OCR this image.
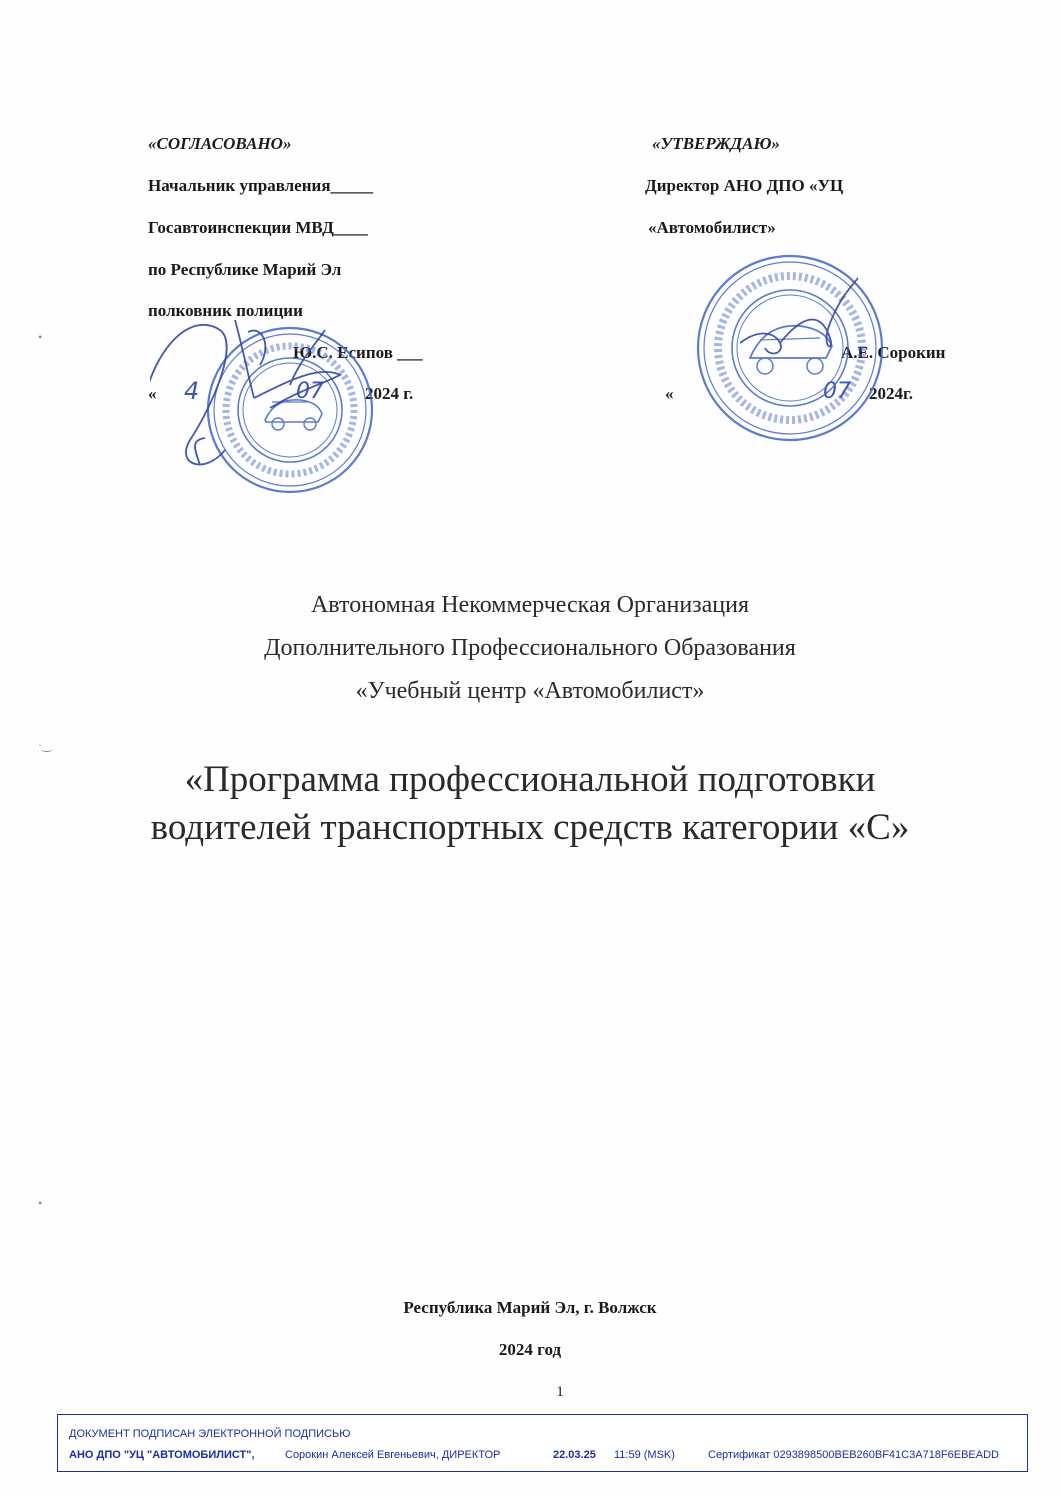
«СОГЛАСОВАНО»
Начальник управления_____
Госавтоинспекции МВД____
по Республике Марий Эл
полковник полиции
Ю.С. Есипов ___
« 4	07 2024 г.
«УТВЕРЖДАЮ»
Директор АНО ДПО «УЦ
«Автомобилист»
А.Е. Сорокин
«	07 2024г.
•
·‿
•
Автономная Некоммерческая Организация
Дополнительного Профессионального Образования
«Учебный центр «Автомобилист»
«Программа профессиональной подготовки
водителей транспортных средств категории «С»
Республика Марий Эл, г. Волжск
2024 год
1
ДОКУМЕНТ ПОДПИСАН ЭЛЕКТРОННОЙ ПОДПИСЬЮ
АНО ДПО "УЦ "АВТОМОБИЛИСТ",	Сорокин Алексей Евгеньевич, ДИРЕКТОР	22.03.25 11:59 (MSK)	Сертификат 0293898500BEB260BF41C3A718F6EBEADD
